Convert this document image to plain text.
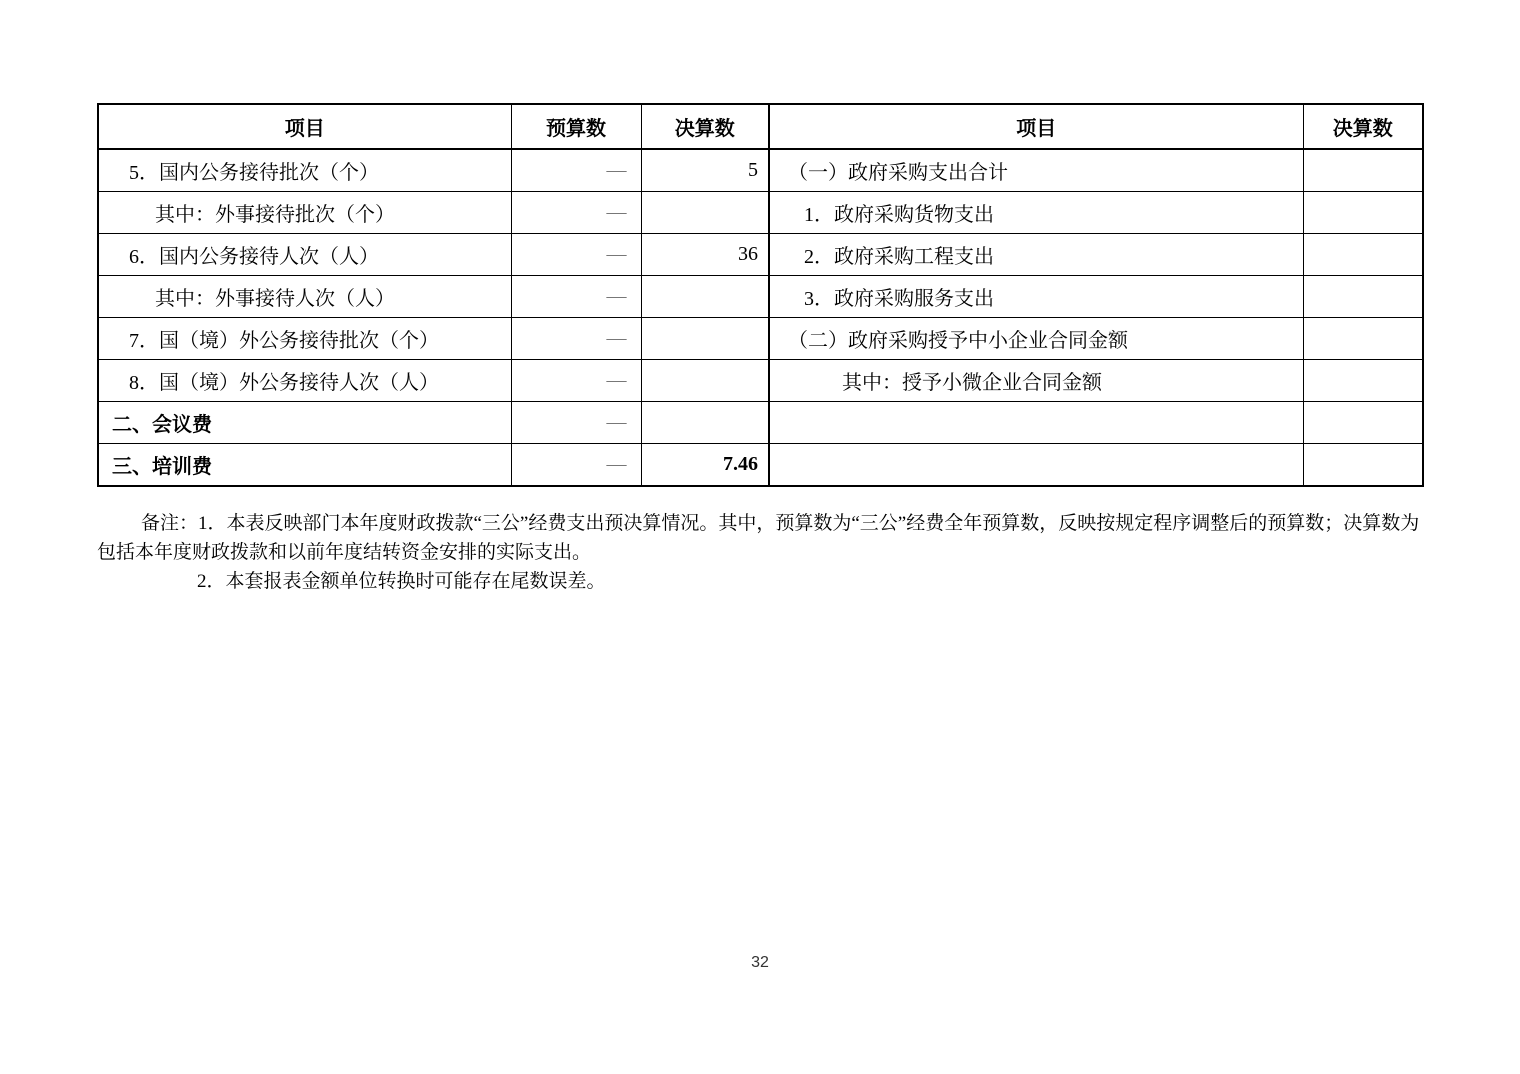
项目	预算数	决算数	项目	决算数
5．国内公务接待批次（个）	—	5	（一）政府采购支出合计	
其中：外事接待批次（个）	—		1．政府采购货物支出	
6．国内公务接待人次（人）	—	36	2．政府采购工程支出	
其中：外事接待人次（人）	—		3．政府采购服务支出	
7．国（境）外公务接待批次（个）	—		（二）政府采购授予中小企业合同金额	
8．国（境）外公务接待人次（人）	—		其中：授予小微企业合同金额	
二、会议费	—			
三、培训费	—	7.46		
备注：1．本表反映部门本年度财政拨款“三公”经费支出预决算情况。其中，预算数为“三公”经费全年预算数，反映按规定程序调整后的预算数；决算数为
包括本年度财政拨款和以前年度结转资金安排的实际支出。
2．本套报表金额单位转换时可能存在尾数误差。
32
